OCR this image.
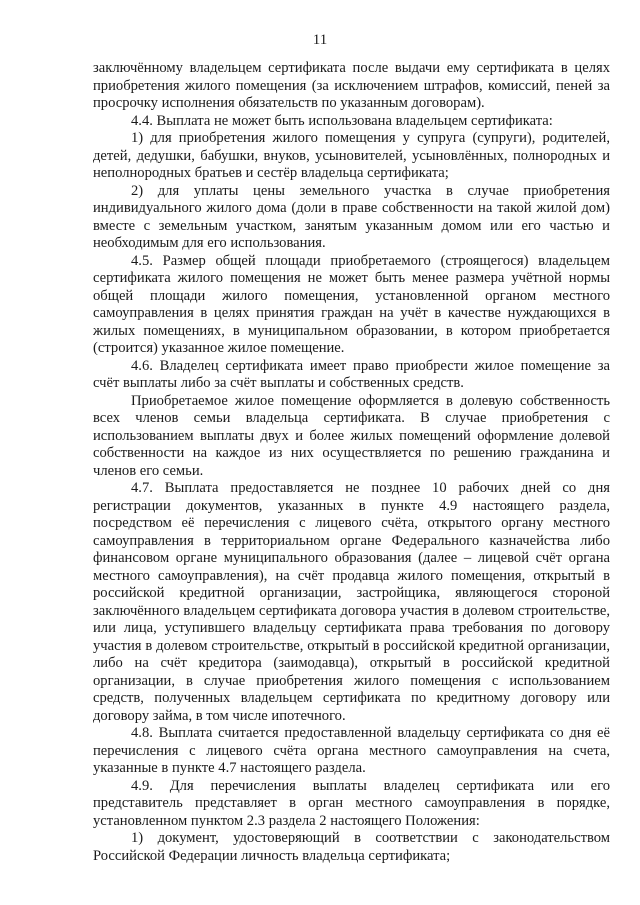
11

заключённому владельцем сертификата после выдачи ему сертификата в целях приобретения жилого помещения (за исключением штрафов, комиссий, пеней за просрочку исполнения обязательств по указанным договорам).

4.4. Выплата не может быть использована владельцем сертификата:

1) для приобретения жилого помещения у супруга (супруги), родителей, детей, дедушки, бабушки, внуков, усыновителей, усыновлённых, полнородных и неполнородных братьев и сестёр владельца сертификата;

2) для уплаты цены земельного участка в случае приобретения индивидуального жилого дома (доли в праве собственности на такой жилой дом) вместе с земельным участком, занятым указанным домом или его частью и необходимым для его использования.

4.5. Размер общей площади приобретаемого (строящегося) владельцем сертификата жилого помещения не может быть менее размера учётной нормы общей площади жилого помещения, установленной органом местного самоуправления в целях принятия граждан на учёт в качестве нуждающихся в жилых помещениях, в муниципальном образовании, в котором приобретается (строится) указанное жилое помещение.

4.6. Владелец сертификата имеет право приобрести жилое помещение за счёт выплаты либо за счёт выплаты и собственных средств.

Приобретаемое жилое помещение оформляется в долевую собственность всех членов семьи владельца сертификата. В случае приобретения с использованием выплаты двух и более жилых помещений оформление долевой собственности на каждое из них осуществляется по решению гражданина и членов его семьи.

4.7. Выплата предоставляется не позднее 10 рабочих дней со дня регистрации документов, указанных в пункте 4.9 настоящего раздела, посредством её перечисления с лицевого счёта, открытого органу местного самоуправления в территориальном органе Федерального казначейства либо финансовом органе муниципального образования (далее – лицевой счёт органа местного самоуправления), на счёт продавца жилого помещения, открытый в российской кредитной организации, застройщика, являющегося стороной заключённого владельцем сертификата договора участия в долевом строительстве, или лица, уступившего владельцу сертификата права требования по договору участия в долевом строительстве, открытый в российской кредитной организации, либо на счёт кредитора (заимодавца), открытый в российской кредитной организации, в случае приобретения жилого помещения с использованием средств, полученных владельцем сертификата по кредитному договору или договору займа, в том числе ипотечного.

4.8. Выплата считается предоставленной владельцу сертификата со дня её перечисления с лицевого счёта органа местного самоуправления на счета, указанные в пункте 4.7 настоящего раздела.

4.9. Для перечисления выплаты владелец сертификата или его представитель представляет в орган местного самоуправления в порядке, установленном пунктом 2.3 раздела 2 настоящего Положения:

1) документ, удостоверяющий в соответствии с законодательством Российской Федерации личность владельца сертификата;
